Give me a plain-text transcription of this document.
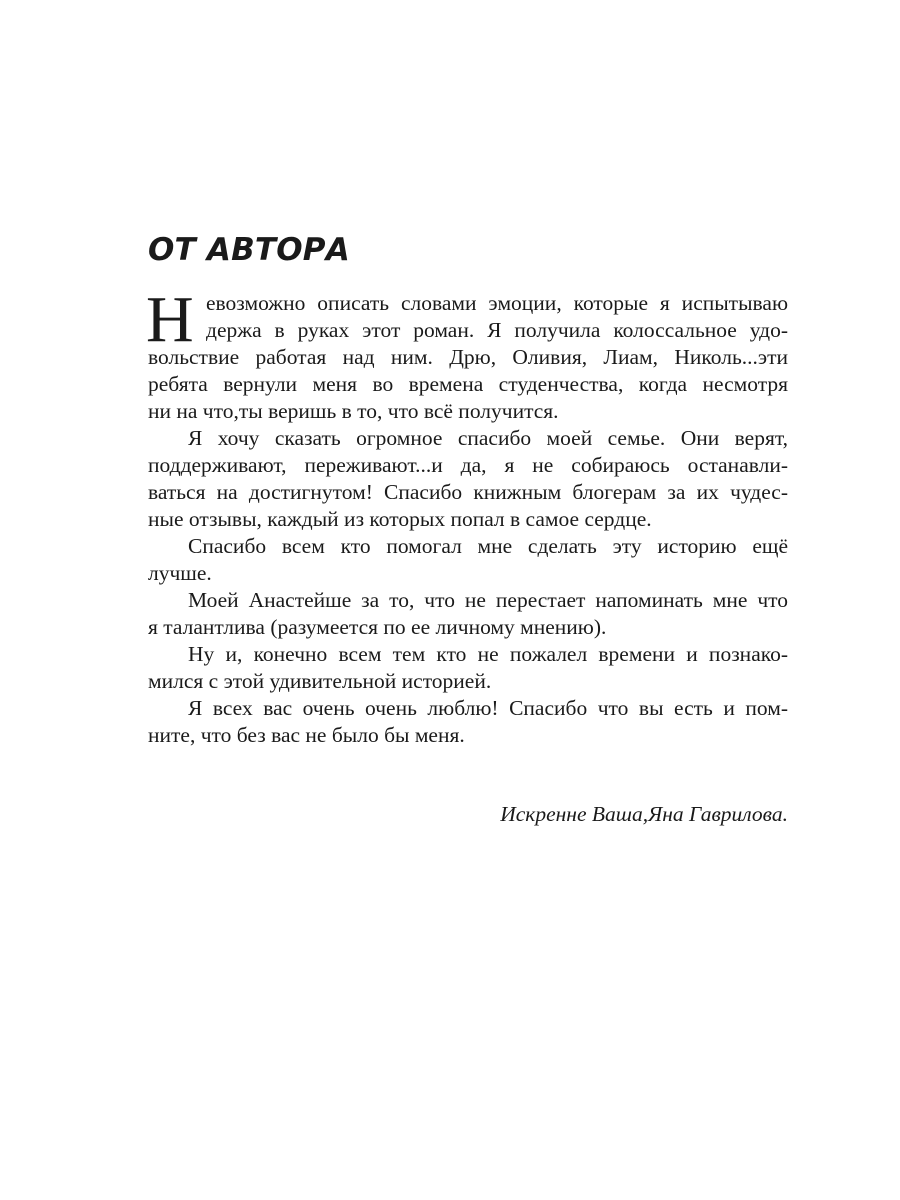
ОТ АВТОРА
Н евозможно описать словами эмоции, которые я испытываю
держа в руках этот роман. Я получила колоссальное удо-
вольствие работая над ним. Дрю, Оливия, Лиам, Николь...эти
ребята вернули меня во времена студенчества, когда несмотря
ни на что,ты веришь в то, что всё получится.
Я хочу сказать огромное спасибо моей семье. Они верят,
поддерживают, переживают...и да, я не собираюсь останавли-
ваться на достигнутом! Спасибо книжным блогерам за их чудес-
ные отзывы, каждый из которых попал в самое сердце.
Спасибо всем кто помогал мне сделать эту историю ещё
лучше.
Моей Анастейше за то, что не перестает напоминать мне что
я талантлива (разумеется по ее личному мнению).
Ну и, конечно всем тем кто не пожалел времени и познако-
мился с этой удивительной историей.
Я всех вас очень очень люблю! Спасибо что вы есть и пом-
ните, что без вас не было бы меня.
Искренне Ваша,Яна Гаврилова.
